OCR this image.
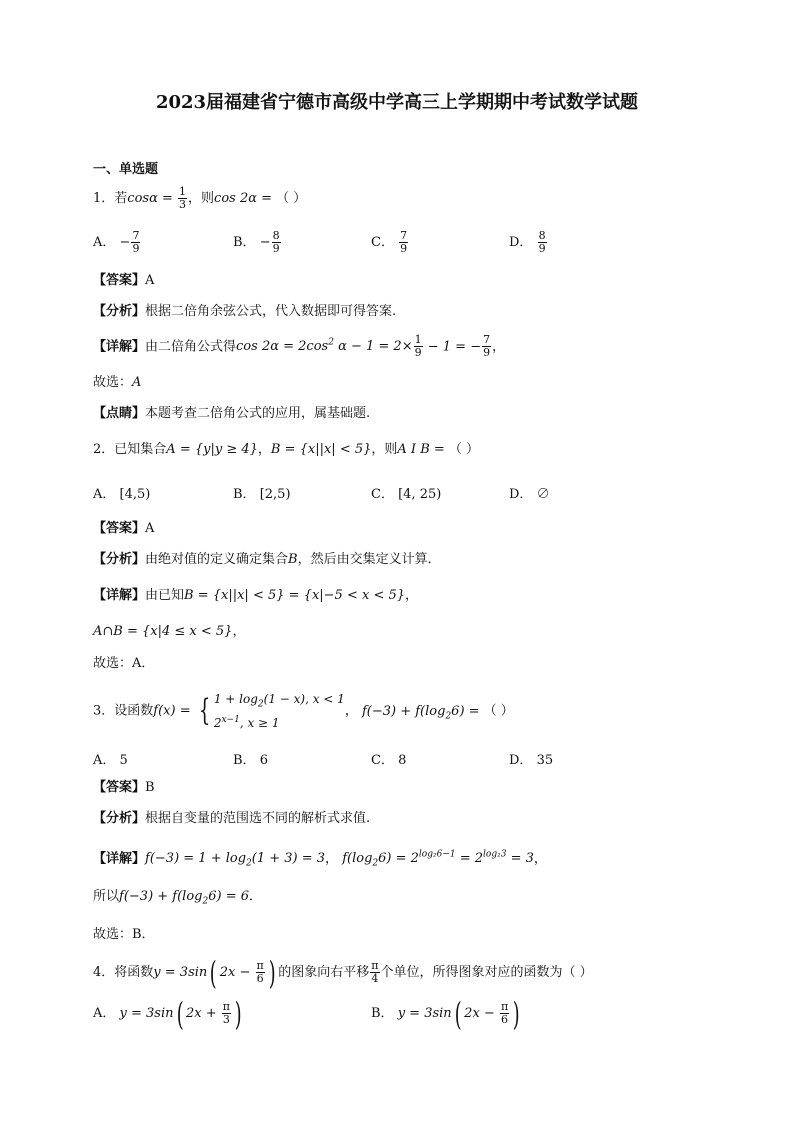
2023届福建省宁德市高级中学高三上学期期中考试数学试题
一、单选题
1．若$\cos\alpha = \frac{1}{3}$ ，则cos 2α = （ ）
A． − $\frac{7}{9}$	B． − $\frac{8}{9}$	C． $\frac{7}{9}$	D． $\frac{8}{9}$
【答案】A
【分析】根据二倍角余弦公式，代入数据即可得答案.
【详解】由二倍角公式得$\cos 2\alpha = 2\cos^2$ $\alpha - 1 = 2\times \frac{1}{9} - 1$ = − $\frac{7}{9}$ ，
故选：A
【点睛】本题考查二倍角公式的应用，属基础题.
2．已知集合A = {y|y ≥ 4}，B = {x||x| < 5}，则A I B = （ ）
A． [4,5)	B． [2,5)	C． [4, 25)	D． ∅
【答案】A
【分析】由绝对值的定义确定集合B，然后由交集定义计算．
【详解】由已知B = {x||x| < 5} = {x|−5 < x < 5}，
A∩B = {x|4 ≤ x < 5}，
故选：A．
3．设函数f(x) = { $1 + \log_2(1 - x)$, x < 1
$2^{x-1}$, x ≥ 1
， $f(-3) + f(\log_26)$ = （ ）
A． 5	B． 6	C． 8	D． 35
【答案】B
【分析】根据自变量的范围选不同的解析式求值.
【详解】$f(-3) = 1 + \log_2(1 + 3) = 3$， $f(\log_26) = 2^{log_26-1} = 2^{log_23} = 3$，
所以$f(-3) + f(\log_26) = 6$．
故选：B．
4．将函数y = 3sin( $2x - \frac{\pi}{6}$ ) 的图象向右平移 $\frac{\pi}{4}$ 个单位，所得图象对应的函数为（ ）
A． y = 3sin( $2x + \frac{\pi}{3}$ )	B． y = 3sin( $2x - \frac{\pi}{6}$ )
